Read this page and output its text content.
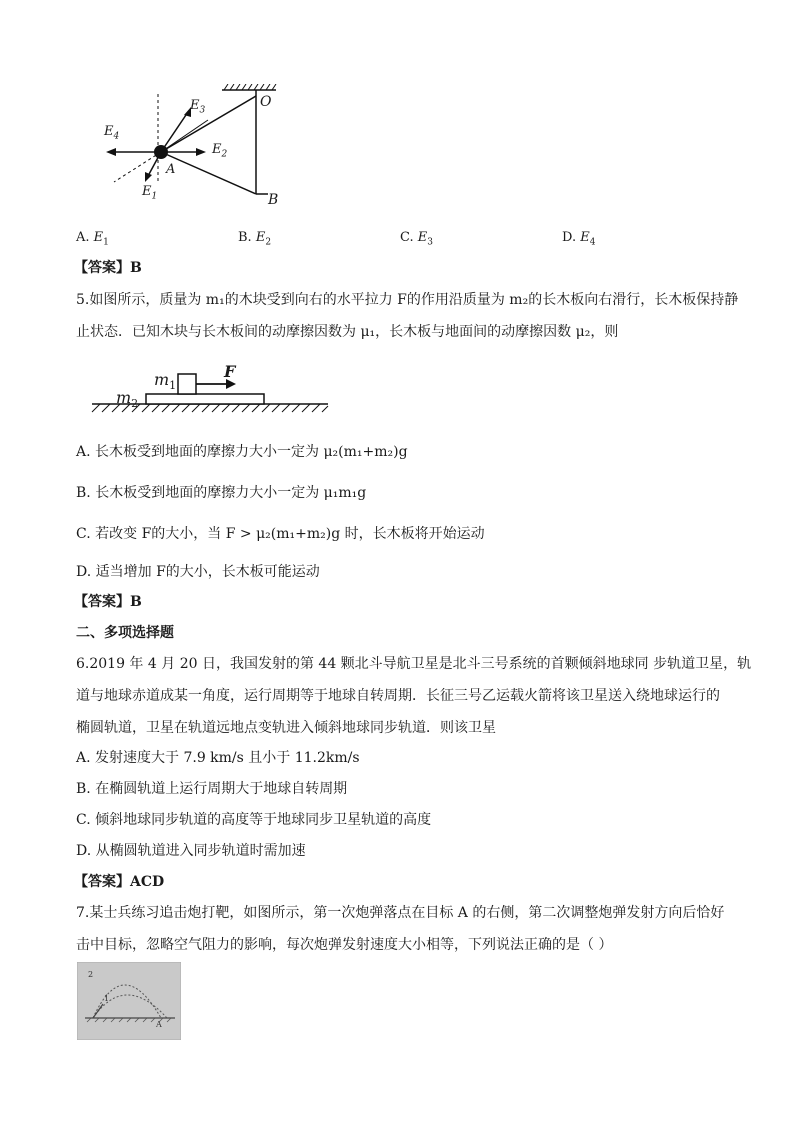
O
B
A
$E_4$
$E_3$
$E_2$
$E_1$
A. $E_1$	B. $E_2$	C. $E_3$	D. $E_4$
【答案】B
5.如图所示，质量为 m₁的木块受到向右的水平拉力 F的作用沿质量为 m₂的长木板向右滑行，长木板保持静
止状态．已知木块与长木板间的动摩擦因数为 μ₁，长木板与地面间的动摩擦因数 μ₂，则
$m_1$
F
$m_2$
A. 长木板受到地面的摩擦力大小一定为 μ₂(m₁+m₂)g
B. 长木板受到地面的摩擦力大小一定为 μ₁m₁g
C. 若改变 F的大小，当 F > μ₂(m₁+m₂)g 时，长木板将开始运动
D. 适当增加 F的大小，长木板可能运动
【答案】B
二、多项选择题
6.2019 年 4 月 20 日，我国发射的第 44 颗北斗导航卫星是北斗三号系统的首颗倾斜地球同 步轨道卫星，轨
道与地球赤道成某一角度，运行周期等于地球自转周期．长征三号乙运载火箭将该卫星送入绕地球运行的
椭圆轨道，卫星在轨道远地点变轨进入倾斜地球同步轨道．则该卫星
A. 发射速度大于 7.9 km/s 且小于 11.2km/s
B. 在椭圆轨道上运行周期大于地球自转周期
C. 倾斜地球同步轨道的高度等于地球同步卫星轨道的高度
D. 从椭圆轨道进入同步轨道时需加速
【答案】ACD
7.某士兵练习追击炮打靶，如图所示，第一次炮弹落点在目标 A 的右侧，第二次调整炮弹发射方向后恰好
击中目标，忽略空气阻力的影响，每次炮弹发射速度大小相等，下列说法正确的是（ ）
2
1
A
